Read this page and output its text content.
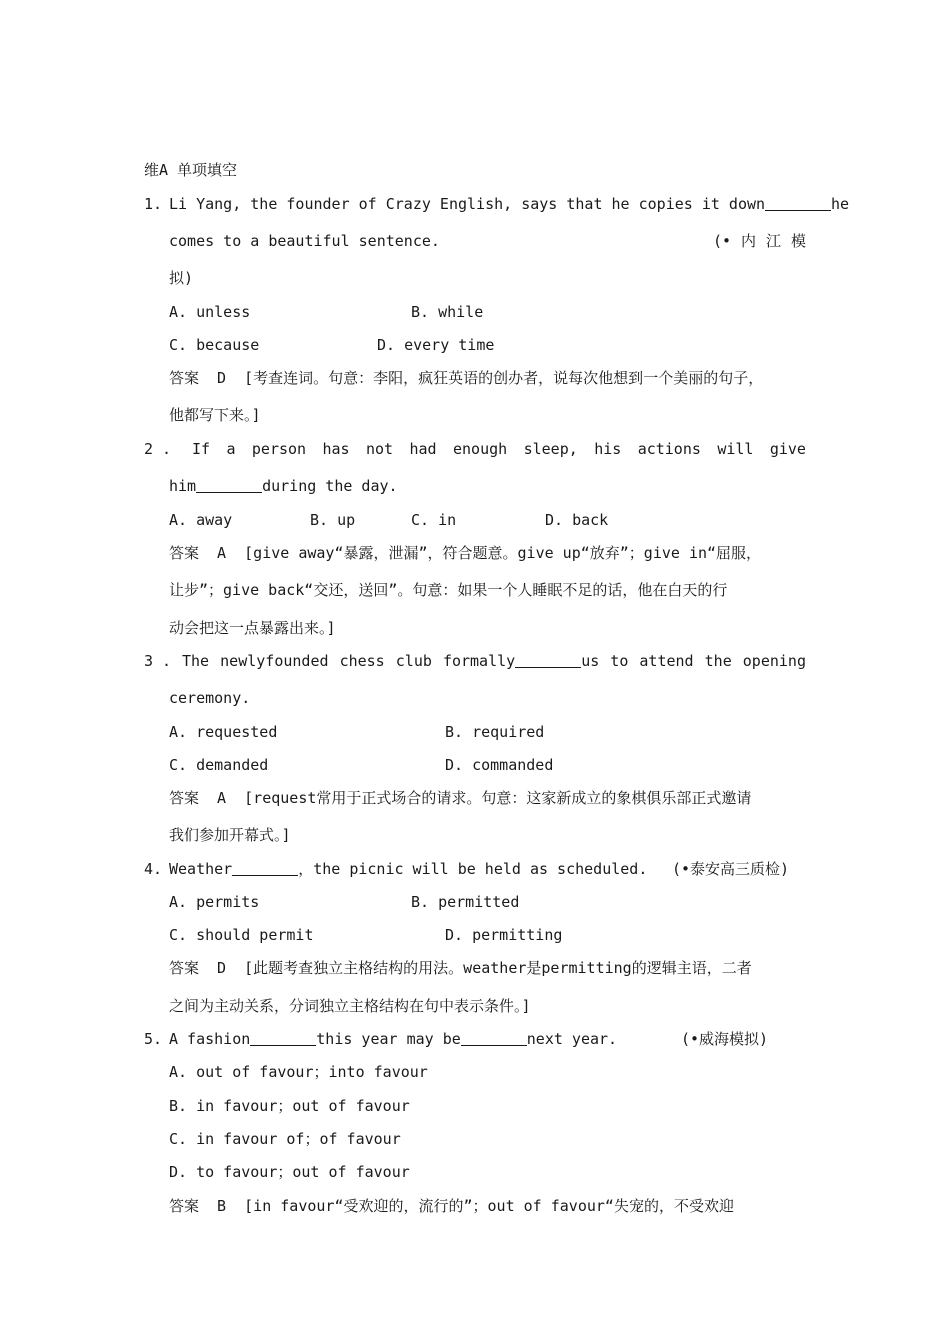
维A 单项填空
1. Li Yang, the founder of Crazy English, says that he copies it down	he
comes to a beautiful sentence.	(• 内 江 模
拟)
A. unless	B. while
C. because	D. every time
答案  D  [考查连词。句意：李阳，疯狂英语的创办者，说每次他想到一个美丽的句子，
他都写下来。]
2 . If a person has not had enough sleep, his actions will give
him	during the day.
A. away	B. up	C. in	D. back
答案  A  [give away“暴露，泄漏”，符合题意。give up“放弃”；give in“屈服，
让步”；give back“交还，送回”。句意：如果一个人睡眠不足的话，他在白天的行
动会把这一点暴露出来。]
3 . The newlyfounded chess club formally	us to attend the opening
ceremony.
A. requested	B. required
C. demanded	D. commanded
答案  A  [request常用于正式场合的请求。句意：这家新成立的象棋俱乐部正式邀请
我们参加开幕式。]
4. Weather	，the picnic will be held as scheduled. (•泰安高三质检)
A. permits	B. permitted
C. should permit	D. permitting
答案  D  [此题考查独立主格结构的用法。weather是permitting的逻辑主语，二者
之间为主动关系，分词独立主格结构在句中表示条件。]
5. A fashion	this year may be	next year.	(•威海模拟)
A. out of favour；into favour
B. in favour；out of favour
C. in favour of；of favour
D. to favour；out of favour
答案  B  [in favour“受欢迎的，流行的”；out of favour“失宠的，不受欢迎
